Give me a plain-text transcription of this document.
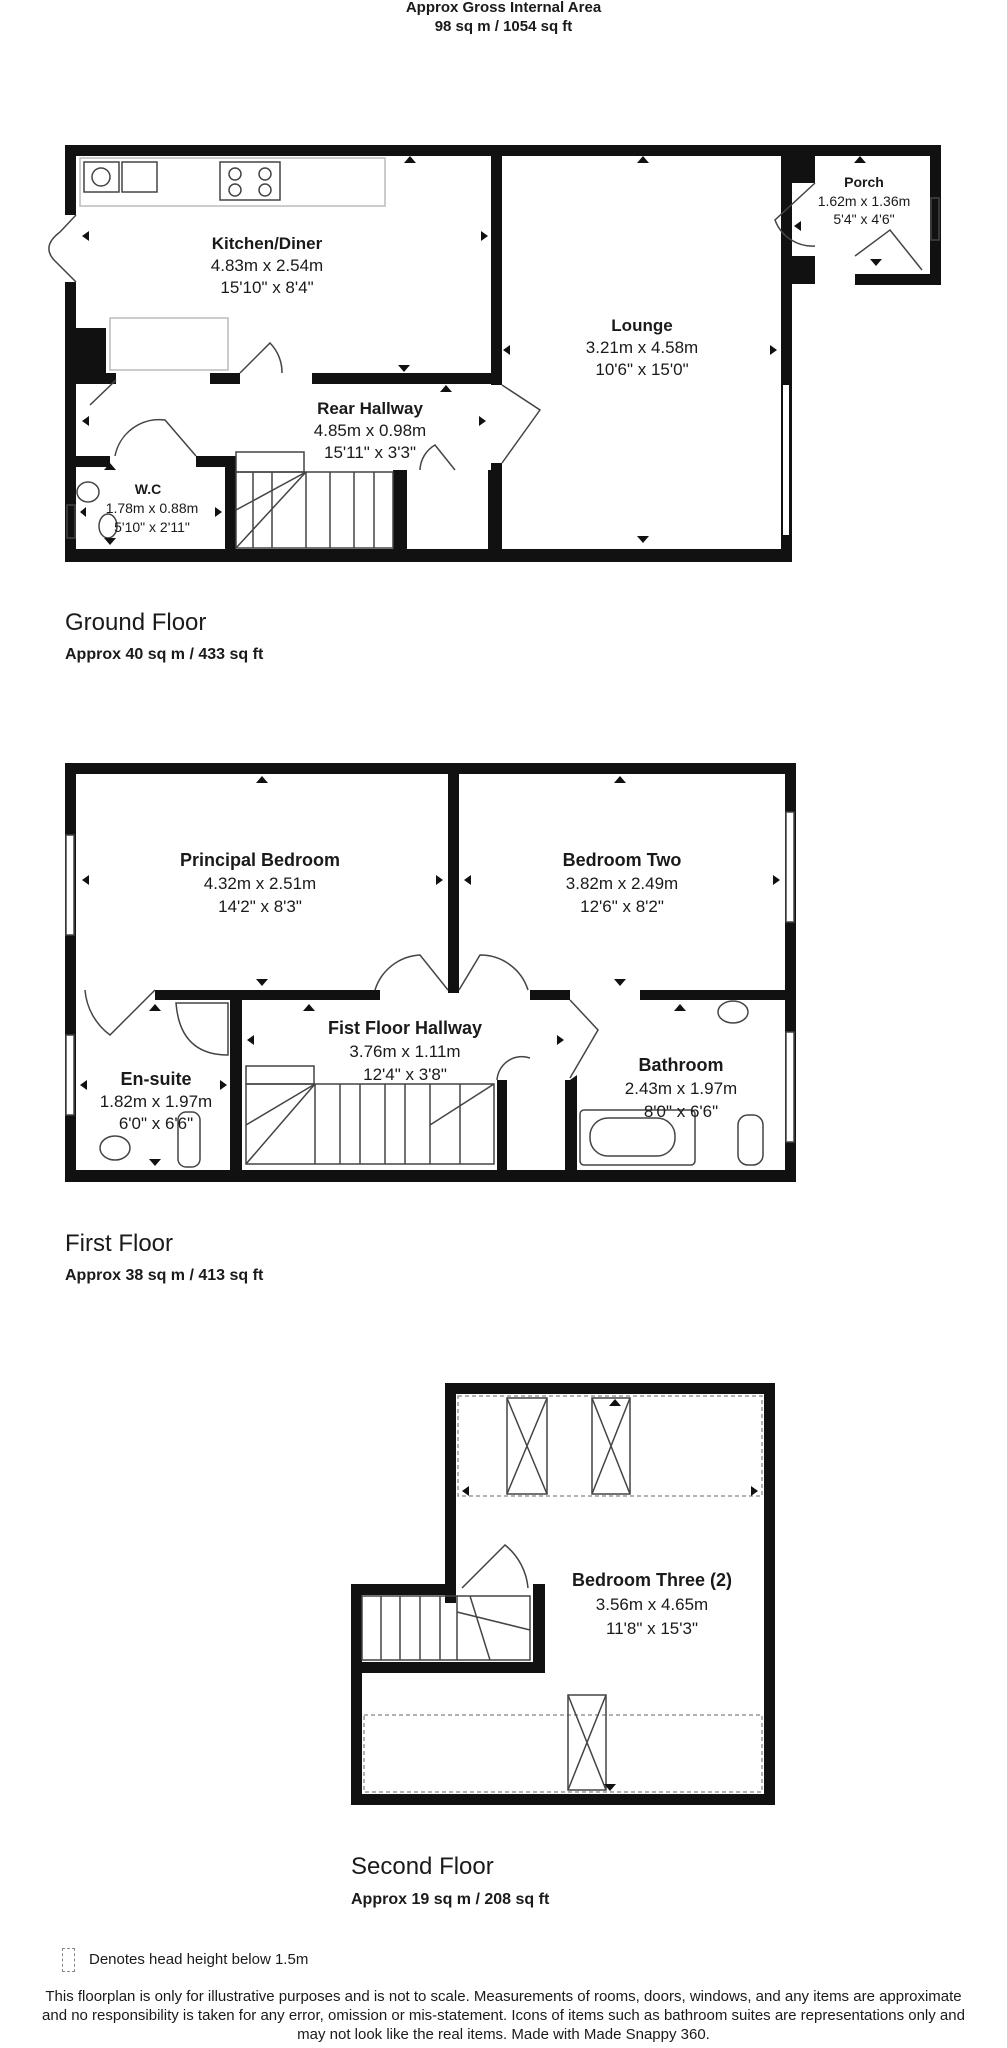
Approx Gross Internal Area
98 sq m / 1054 sq ft
Kitchen/Diner
4.83m x 2.54m
15'10" x 8'4"
Lounge
3.21m x 4.58m
10'6" x 15'0"
Porch
1.62m x 1.36m
5'4" x 4'6"
Rear Hallway
4.85m x 0.98m
15'11" x 3'3"
W.C
1.78m x 0.88m
5'10" x 2'11"
Principal Bedroom
4.32m x 2.51m
14'2" x 8'3"
Bedroom Two
3.82m x 2.49m
12'6" x 8'2"
Fist Floor Hallway
3.76m x 1.11m
12'4" x 3'8"
En-suite
1.82m x 1.97m
6'0" x 6'6"
Bathroom
2.43m x 1.97m
8'0" x 6'6"
Bedroom Three (2)
3.56m x 4.65m
11'8" x 15'3"
Ground Floor
Approx 40 sq m / 433 sq ft
First Floor
Approx 38 sq m / 413 sq ft
Second Floor
Approx 19 sq m / 208 sq ft
Denotes head height below 1.5m
This floorplan is only for illustrative purposes and is not to scale. Measurements of rooms, doors, windows, and any items are approximate
and no responsibility is taken for any error, omission or mis-statement. Icons of items such as bathroom suites are representations only and
may not look like the real items. Made with Made Snappy 360.
